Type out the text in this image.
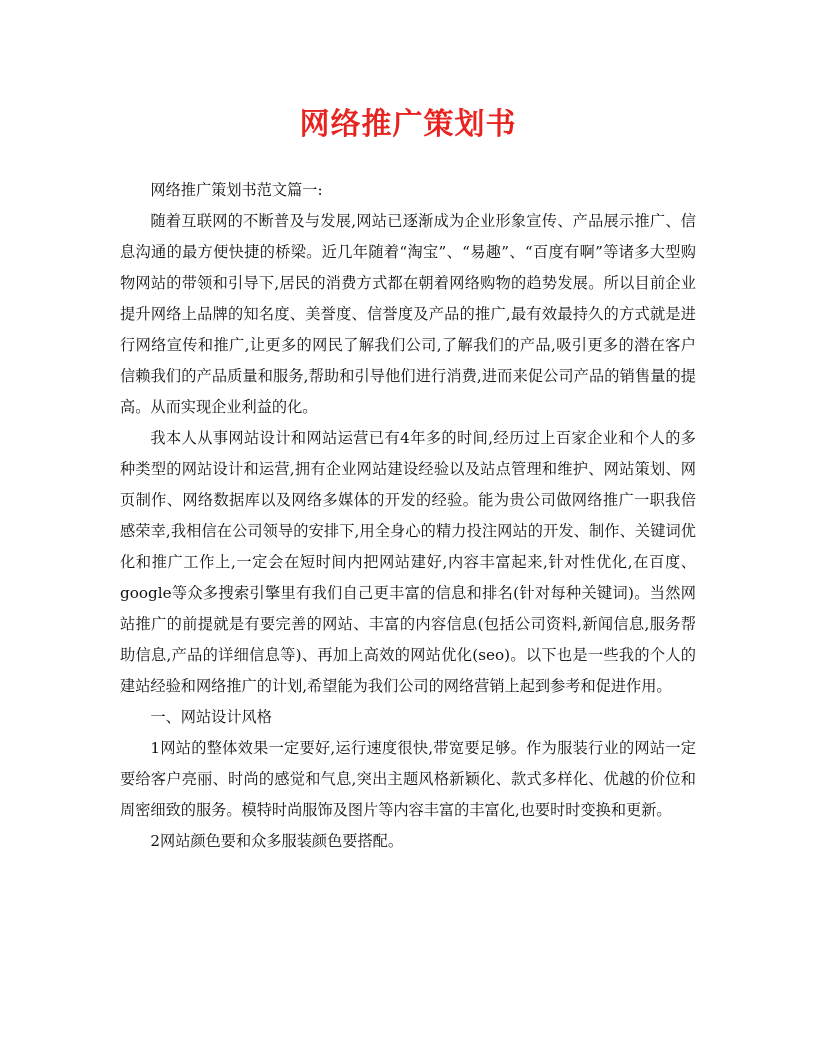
网络推广策划书

网络推广策划书范文篇一:

随着互联网的不断普及与发展,网站已逐渐成为企业形象宣传、产品展示推广、信息沟通的最方便快捷的桥梁。近几年随着“淘宝”、“易趣”、“百度有啊”等诸多大型购物网站的带领和引导下,居民的消费方式都在朝着网络购物的趋势发展。所以目前企业提升网络上品牌的知名度、美誉度、信誉度及产品的推广,最有效最持久的方式就是进行网络宣传和推广,让更多的网民了解我们公司,了解我们的产品,吸引更多的潜在客户信赖我们的产品质量和服务,帮助和引导他们进行消费,进而来促公司产品的销售量的提高。从而实现企业利益的化。

我本人从事网站设计和网站运营已有4年多的时间,经历过上百家企业和个人的多种类型的网站设计和运营,拥有企业网站建设经验以及站点管理和维护、网站策划、网页制作、网络数据库以及网络多媒体的开发的经验。能为贵公司做网络推广一职我倍感荣幸,我相信在公司领导的安排下,用全身心的精力投注网站的开发、制作、关键词优化和推广工作上,一定会在短时间内把网站建好,内容丰富起来,针对性优化,在百度、google等众多搜索引擎里有我们自己更丰富的信息和排名(针对每种关键词)。当然网站推广的前提就是有要完善的网站、丰富的内容信息(包括公司资料,新闻信息,服务帮助信息,产品的详细信息等)、再加上高效的网站优化(seo)。以下也是一些我的个人的建站经验和网络推广的计划,希望能为我们公司的网络营销上起到参考和促进作用。

一、网站设计风格

1网站的整体效果一定要好,运行速度很快,带宽要足够。作为服装行业的网站一定要给客户亮丽、时尚的感觉和气息,突出主题风格新颖化、款式多样化、优越的价位和周密细致的服务。模特时尚服饰及图片等内容丰富的丰富化,也要时时变换和更新。

2网站颜色要和众多服装颜色要搭配。
